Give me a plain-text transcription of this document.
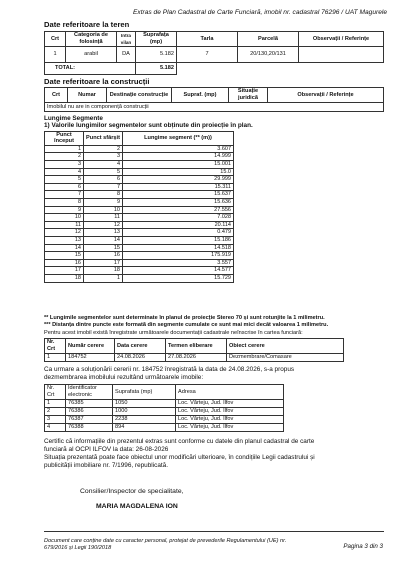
Extras de Plan Cadastral de Carte Funciară, imobil nr. cadastral 76296 / UAT Magurele
Date referitoare la teren
Crt	Categoria de folosință	Intra vilan	Suprafața (mp)	Tarla	Parcelă	Observații / Referințe
1	arabil	DA	5.182	7	20/130,20/131	
TOTAL:			5.182			
Date referitoare la construcții
Crt	Numar	Destinație construcție	Supraf. (mp)	Situație juridică	Observații / Referințe
Imobilul nu are in componență construcții
Lungime Segmente
1) Valorile lungimilor segmentelor sunt obținute din proiecție în plan.
Punct început	Punct sfârșit	Lungime segment (** (m))
1	2	3.607
2	3	14.999
3	4	15.001
4	5	15.0
5	6	29.999
6	7	15.311
7	8	15.637
8	9	15.636
9	10	27.556
10	11	7.028
11	12	20.114
12	13	0.479
13	14	15.186
14	15	14.518
15	16	175.919
16	17	3.557
17	18	14.577
18	1	15.729
** Lungimile segmentelor sunt determinate în planul de proiecție Stereo 70 și sunt rotunjite la 1 milimetru.
*** Distanța dintre puncte este formată din segmente cumulate ce sunt mai mici decât valoarea 1 milimetru.
Pentru acest imobil există înregistrate următoarele documentații cadastrale neînscrise în cartea funciară:
Nr. Crt	Număr cerere	Data cerere	Termen eliberare	Obiect cerere
1	184752	24.08.2026	27.08.2026	Dezmembrare/Comasare
Ca urmare a soluționării cererii nr. 184752 înregistrată la data de 24.08.2026, s-a propus
dezmembrarea imobilului rezultând următoarele imobile:
Nr. Crt	Identificator electronic	Suprafata (mp)	Adresa
1	76385	1050	Loc. Vărteju, Jud. Ilfov
2	76386	1000	Loc. Vărteju, Jud. Ilfov
3	76387	2238	Loc. Vărteju, Jud. Ilfov
4	76388	894	Loc. Vărteju, Jud. Ilfov
Certific că informațiile din prezentul extras sunt conforme cu datele din planul cadastral de carte
funciară al OCPI ILFOV la data: 26-08-2026
Situația prezentată poate face obiectul unor modificări ulterioare, în condițiile Legii cadastrului și
publicității imobiliare nr. 7/1996, republicată.
Consilier/Inspector de specialitate,
MARIA MAGDALENA ION
Document care conține date cu caracter personal, protejat de prevederile Regulamentului (UE) nr.
679/2016 și Legii 190/2018	Pagina 3 din 3
